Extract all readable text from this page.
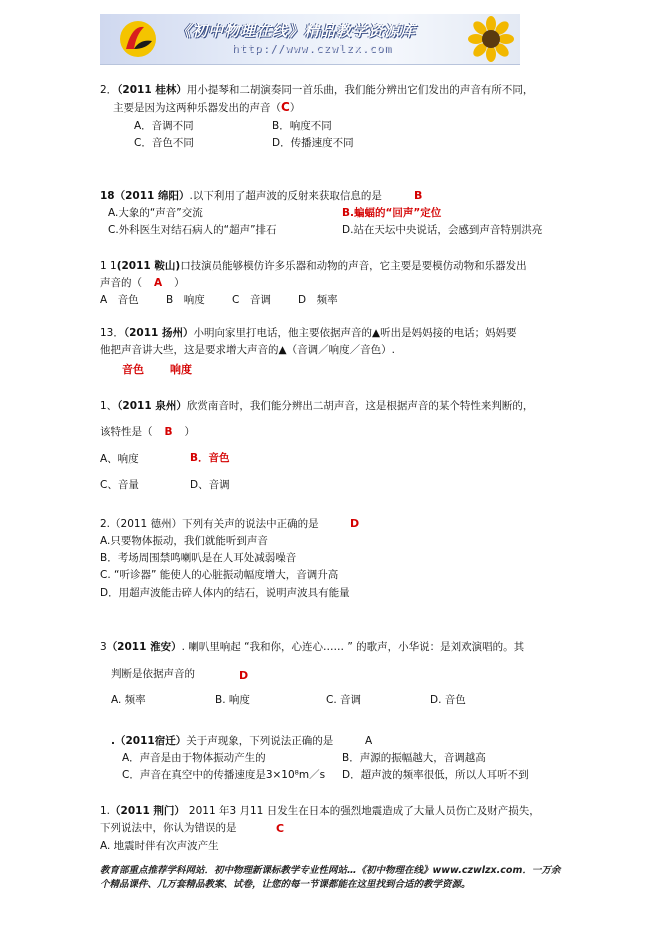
《初中物理在线》精品教学资源库
http://www.czwlzx.com
2．（2011 桂林）用小提琴和二胡演奏同一首乐曲，我们能分辨出它们发出的声音有所不同，
主要是因为这两种乐器发出的声音（C）
A．音调不同	B．响度不同
C．音色不同	D．传播速度不同
18（2011 绵阳）.以下利用了超声波的反射来获取信息的是	B
A.大象的“声音”交流	B.蝙蝠的“回声”定位
C.外科医生对结石病人的“超声”排石	D.站在天坛中央说话，会感到声音特别洪亮
1 1(2011 鞍山)口技演员能够模仿许多乐器和动物的声音，它主要是要模仿动物和乐器发出
声音的（ A ）
A　音色	B　响度	C　音调	D　频率
13．（2011 扬州）小明向家里打电话，他主要依据声音的▲听出是妈妈接的电话；妈妈要
他把声音讲大些，这是要求增大声音的▲（音调／响度／音色）.
音色 响度
1、（2011 泉州）欣赏南音时，我们能分辨出二胡声音，这是根据声音的某个特性来判断的，
该特性是（ B ）
A、响度	B．音色
C、音量	D、音调
2.（2011 德州）下列有关声的说法中正确的是	D
A.只要物体振动，我们就能听到声音
B．考场周围禁鸣喇叭是在人耳处减弱噪音
C. “听诊器” 能使人的心脏振动幅度增大，音调升高
D．用超声波能击碎人体内的结石，说明声波具有能量
3（2011 淮安）. 喇叭里响起 “我和你，心连心…… ” 的歌声，小华说：是刘欢演唱的。其
判断是依据声音的	D
A. 频率	B. 响度	C. 音调	D. 音色
.（2011宿迁）关于声现象，下列说法正确的是	A
A．声音是由于物体振动产生的	B．声源的振幅越大，音调越高
C．声音在真空中的传播速度是3×10⁸m／s D．超声波的频率很低，所以人耳听不到
1.（2011 荆门） 2011 年3 月11 日发生在日本的强烈地震造成了大量人员伤亡及财产损失，
下列说法中，你认为错误的是	C
A. 地震时伴有次声波产生
教育部重点推荐学科网站．初中物理新课标教学专业性网站…《初中物理在线》www.czwlzx.com．一万余
个精品课件、几万套精品教案、试卷，让您的每一节课都能在这里找到合适的教学资源。
